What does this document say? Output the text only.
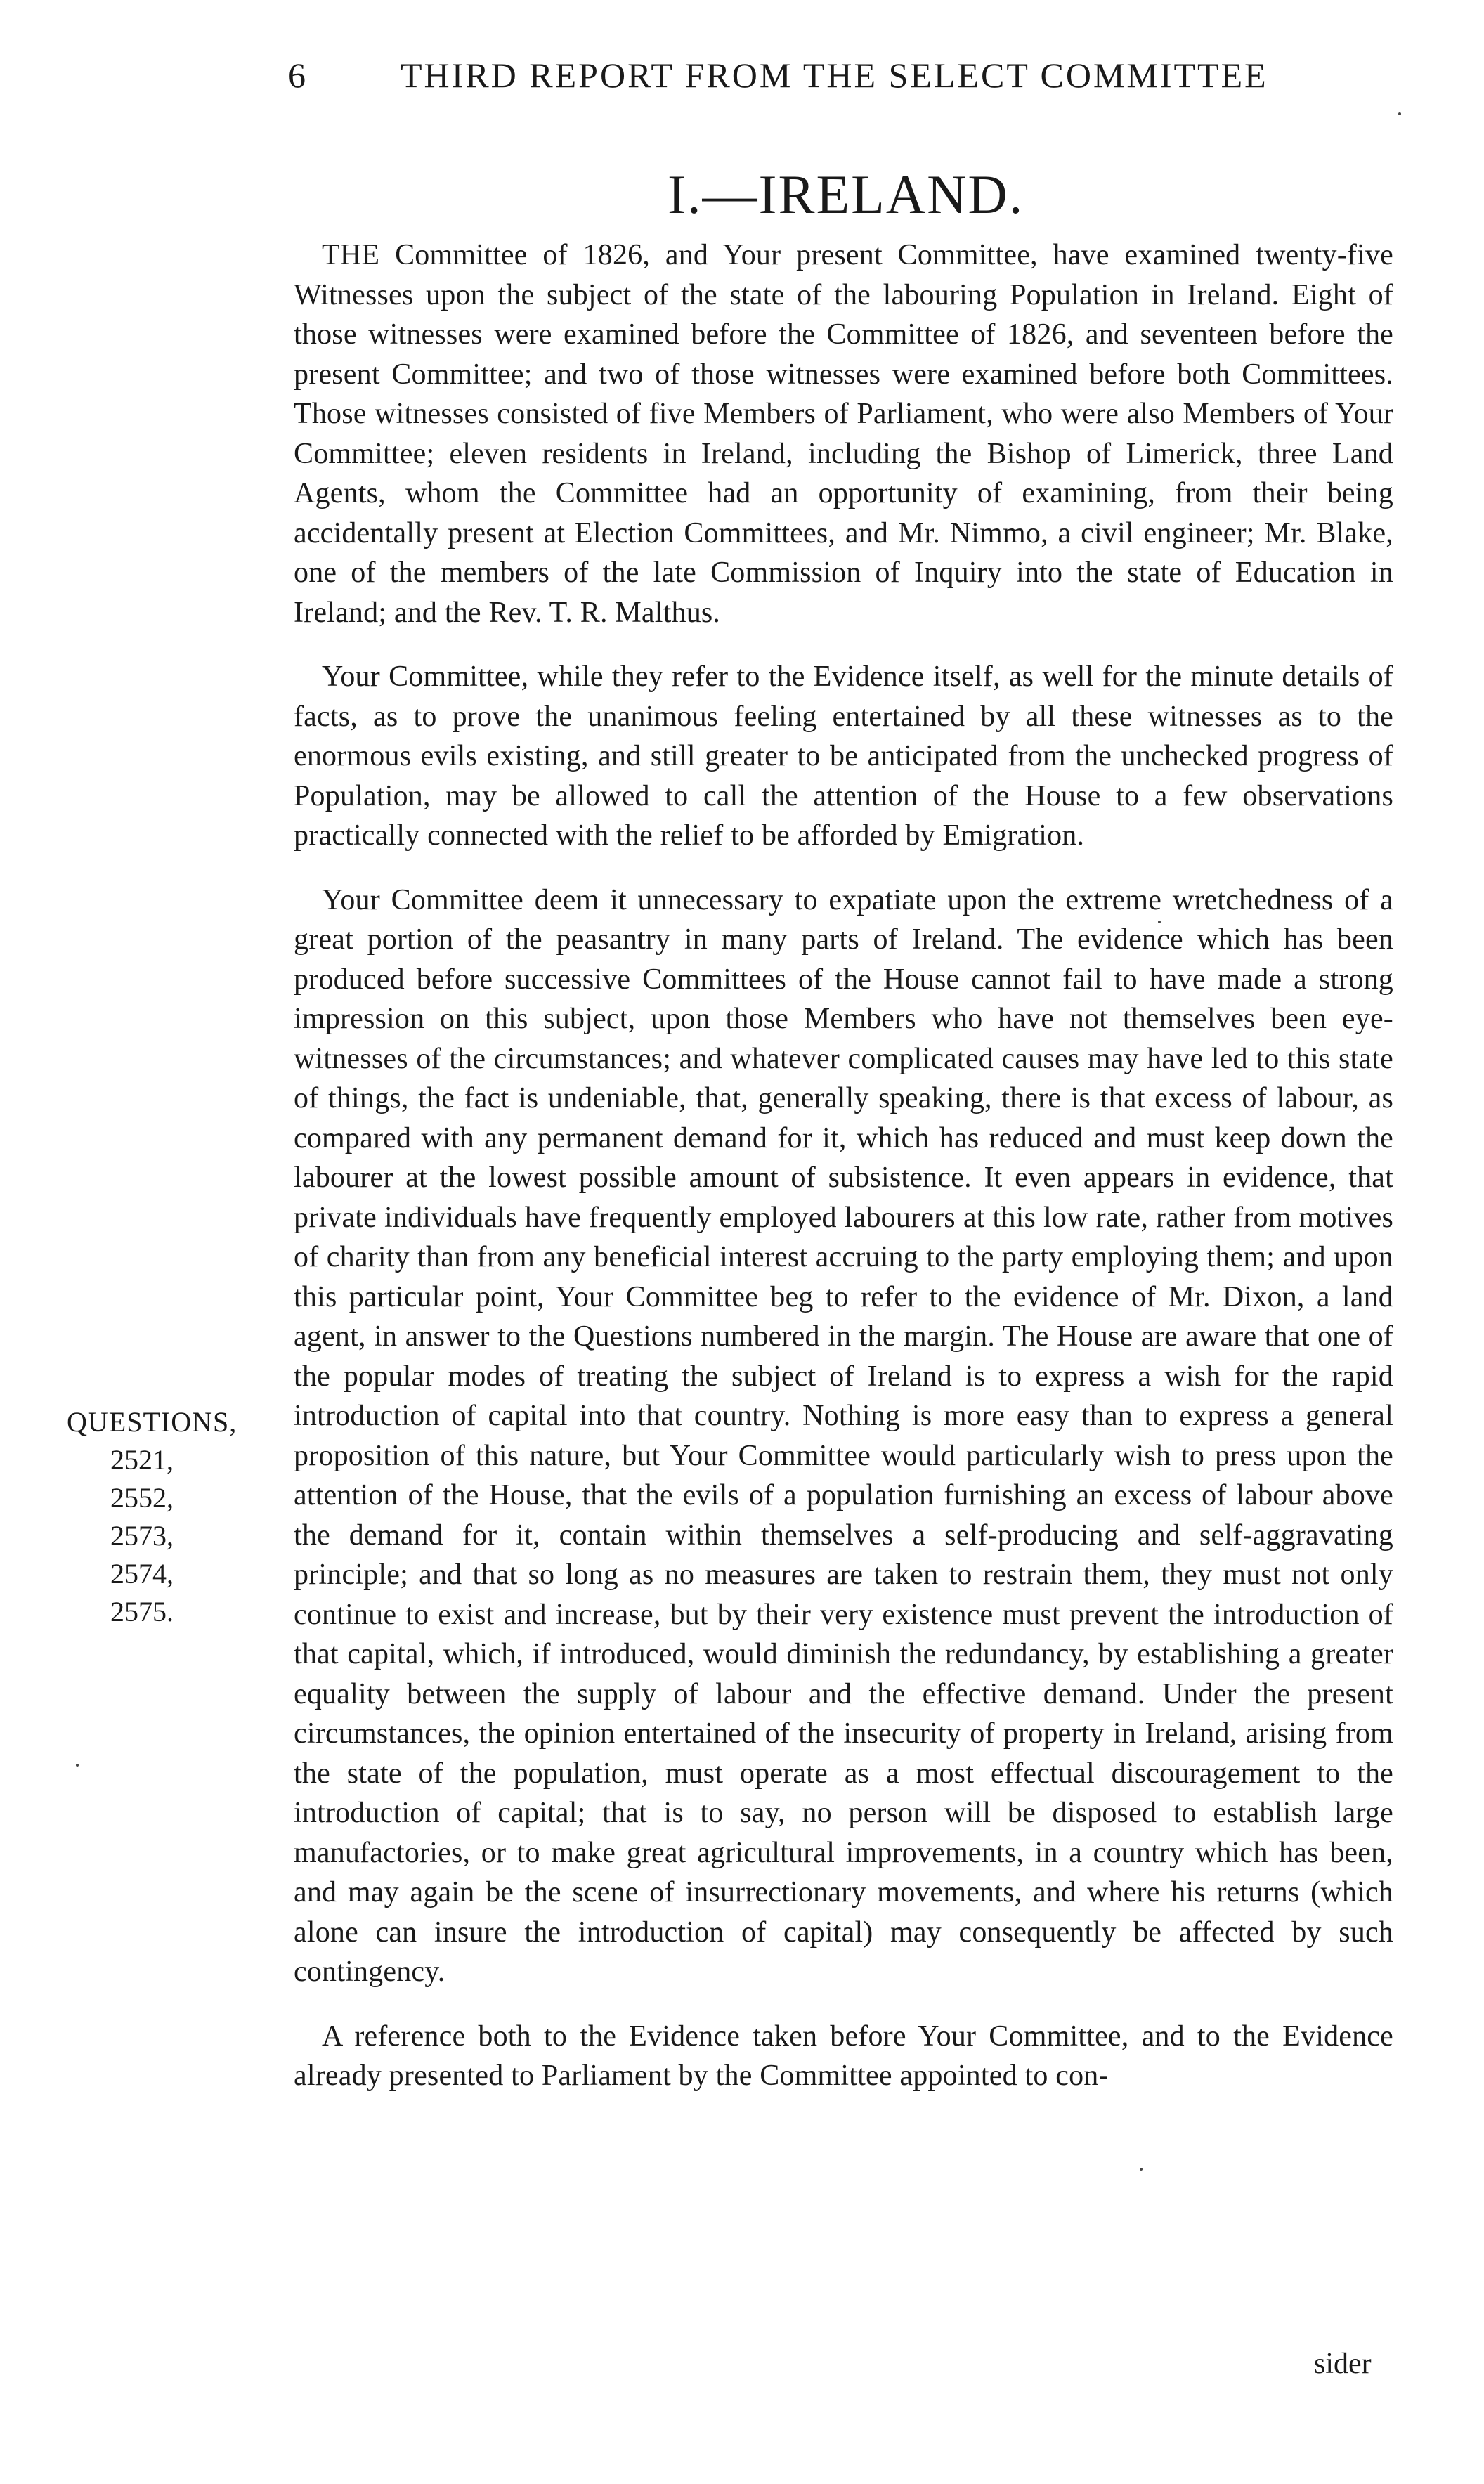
6	THIRD REPORT FROM THE SELECT COMMITTEE
I.—IRELAND.

THE Committee of 1826, and Your present Committee, have examined twenty-five Witnesses upon the subject of the state of the labouring Population in Ireland. Eight of those witnesses were examined before the Committee of 1826, and seventeen before the present Committee; and two of those witnesses were examined before both Committees. Those witnesses consisted of five Members of Parliament, who were also Members of Your Committee; eleven residents in Ireland, including the Bishop of Limerick, three Land Agents, whom the Committee had an opportunity of examining, from their being accidentally present at Election Committees, and Mr. Nimmo, a civil engineer; Mr. Blake, one of the members of the late Commission of Inquiry into the state of Education in Ireland; and the Rev. T. R. Malthus.

Your Committee, while they refer to the Evidence itself, as well for the minute details of facts, as to prove the unanimous feeling entertained by all these witnesses as to the enormous evils existing, and still greater to be anticipated from the unchecked progress of Population, may be allowed to call the attention of the House to a few observations practically connected with the relief to be afforded by Emigration.

Your Committee deem it unnecessary to expatiate upon the extreme wretchedness of a great portion of the peasantry in many parts of Ireland. The evidence which has been produced before successive Committees of the House cannot fail to have made a strong impression on this subject, upon those Members who have not themselves been eye-witnesses of the circumstances; and whatever complicated causes may have led to this state of things, the fact is undeniable, that, generally speaking, there is that excess of labour, as compared with any permanent demand for it, which has reduced and must keep down the labourer at the lowest possible amount of subsistence. It even appears in evidence, that private individuals have frequently employed labourers at this low rate, rather from motives of charity than from any beneficial interest accruing to the party employing them; and upon this particular point, Your Committee beg to refer to the evidence of Mr. Dixon, a land agent, in answer to the Questions numbered in the margin. The House are aware that one of the popular modes of treating the subject of Ireland is to express a wish for the rapid introduction of capital into that country. Nothing is more easy than to express a general proposition of this nature, but Your Committee would particularly wish to press upon the attention of the House, that the evils of a population furnishing an excess of labour above the demand for it, contain within themselves a self-producing and self-aggravating principle; and that so long as no measures are taken to restrain them, they must not only continue to exist and increase, but by their very existence must prevent the introduction of that capital, which, if introduced, would diminish the redundancy, by establishing a greater equality between the supply of labour and the effective demand. Under the present circumstances, the opinion entertained of the insecurity of property in Ireland, arising from the state of the population, must operate as a most effectual discouragement to the introduction of capital; that is to say, no person will be disposed to establish large manufactories, or to make great agricultural improvements, in a country which has been, and may again be the scene of insurrectionary movements, and where his returns (which alone can insure the introduction of capital) may consequently be affected by such contingency.

A reference both to the Evidence taken before Your Committee, and to the Evidence already presented to Parliament by the Committee appointed to con-

QUESTIONS,
2521,
2552,
2573,
2574,
2575.
sider
